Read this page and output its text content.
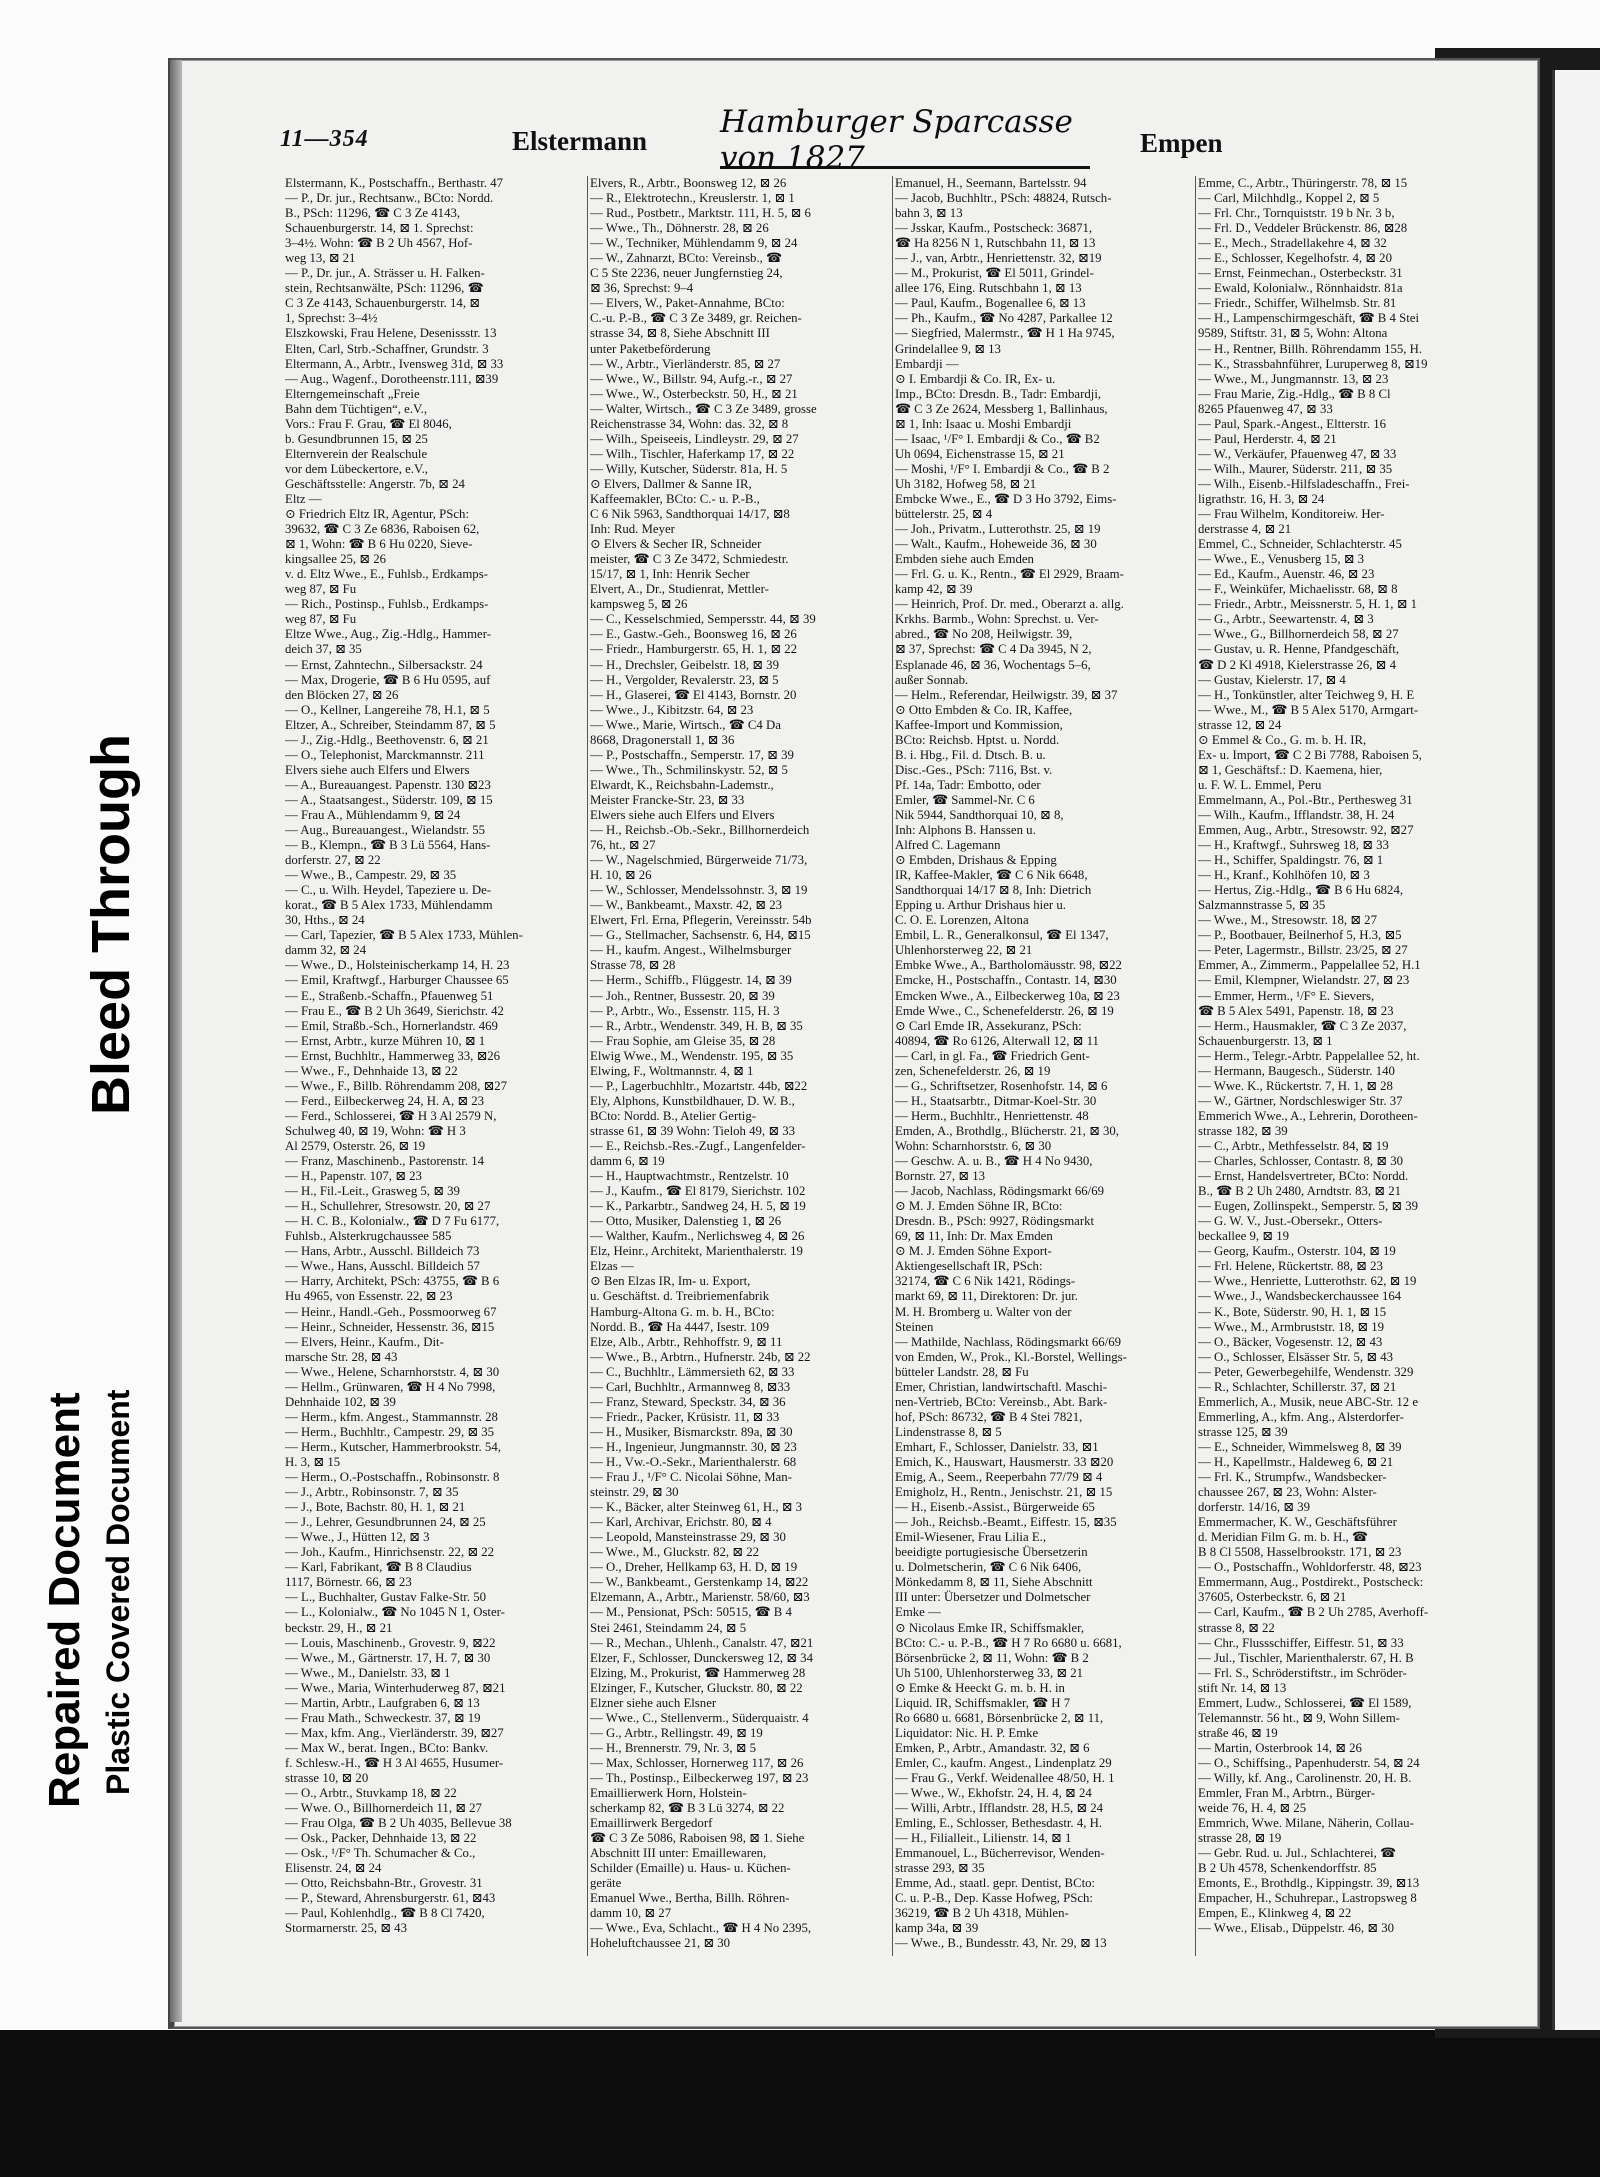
Repaired Document Plastic Covered Document
Bleed Through
11—354	Elstermann
Hamburger Sparcasse von 1827	Empen
Elstermann, K., Postschaffn., Berthastr. 47
— P., Dr. jur., Rechtsanw., BCto: Nordd.
B., PSch: 11296, ☎ C 3 Ze 4143,
Schauenburgerstr. 14, ⊠ 1. Sprechst:
3–4½. Wohn: ☎ B 2 Uh 4567, Hof-
weg 13, ⊠ 21
— P., Dr. jur., A. Strässer u. H. Falken-
stein, Rechtsanwälte, PSch: 11296, ☎
C 3 Ze 4143, Schauenburgerstr. 14, ⊠
1, Sprechst: 3–4½
Elszkowski, Frau Helene, Desenissstr. 13
Elten, Carl, Strb.-Schaffner, Grundstr. 3
Eltermann, A., Arbtr., Ivensweg 31d, ⊠ 33
— Aug., Wagenf., Dorotheenstr.111, ⊠39
Elterngemeinschaft „Freie
Bahn dem Tüchtigen“, e.V.,
Vors.: Frau F. Grau, ☎ El 8046,
b. Gesundbrunnen 15, ⊠ 25
Elternverein der Realschule
vor dem Lübeckertore, e.V.,
Geschäftsstelle: Angerstr. 7b, ⊠ 24
Eltz —
⊙ Friedrich Eltz IR, Agentur, PSch:
39632, ☎ C 3 Ze 6836, Raboisen 62,
⊠ 1, Wohn: ☎ B 6 Hu 0220, Sieve-
kingsallee 25, ⊠ 26
v. d. Eltz Wwe., E., Fuhlsb., Erdkamps-
weg 87, ⊠ Fu
— Rich., Postinsp., Fuhlsb., Erdkamps-
weg 87, ⊠ Fu
Eltze Wwe., Aug., Zig.-Hdlg., Hammer-
deich 37, ⊠ 35
— Ernst, Zahntechn., Silbersackstr. 24
— Max, Drogerie, ☎ B 6 Hu 0595, auf
den Blöcken 27, ⊠ 26
— O., Kellner, Langereihe 78, H.1, ⊠ 5
Eltzer, A., Schreiber, Steindamm 87, ⊠ 5
— J., Zig.-Hdlg., Beethovenstr. 6, ⊠ 21
— O., Telephonist, Marckmannstr. 211
Elvers siehe auch Elfers und Elwers
— A., Bureauangest. Papenstr. 130 ⊠23
— A., Staatsangest., Süderstr. 109, ⊠ 15
— Frau A., Mühlendamm 9, ⊠ 24
— Aug., Bureauangest., Wielandstr. 55
— B., Klempn., ☎ B 3 Lü 5564, Hans-
dorferstr. 27, ⊠ 22
— Wwe., B., Campestr. 29, ⊠ 35
— C., u. Wilh. Heydel, Tapeziere u. De-
korat., ☎ B 5 Alex 1733, Mühlendamm
30, Hths., ⊠ 24
— Carl, Tapezier, ☎ B 5 Alex 1733, Mühlen-
damm 32, ⊠ 24
— Wwe., D., Holsteinischerkamp 14, H. 23
— Emil, Kraftwgf., Harburger Chaussee 65
— E., Straßenb.-Schaffn., Pfauenweg 51
— Frau E., ☎ B 2 Uh 3649, Sierichstr. 42
— Emil, Straßb.-Sch., Hornerlandstr. 469
— Ernst, Arbtr., kurze Mühren 10, ⊠ 1
— Ernst, Buchhltr., Hammerweg 33, ⊠26
— Wwe., F., Dehnhaide 13, ⊠ 22
— Wwe., F., Billb. Röhrendamm 208, ⊠27
— Ferd., Eilbeckerweg 24, H. A, ⊠ 23
— Ferd., Schlosserei, ☎ H 3 Al 2579 N,
Schulweg 40, ⊠ 19, Wohn: ☎ H 3
Al 2579, Osterstr. 26, ⊠ 19
— Franz, Maschinenb., Pastorenstr. 14
— H., Papenstr. 107, ⊠ 23
— H., Fil.-Leit., Grasweg 5, ⊠ 39
— H., Schullehrer, Stresowstr. 20, ⊠ 27
— H. C. B., Kolonialw., ☎ D 7 Fu 6177,
Fuhlsb., Alsterkrugchaussee 585
— Hans, Arbtr., Ausschl. Billdeich 73
— Wwe., Hans, Ausschl. Billdeich 57
— Harry, Architekt, PSch: 43755, ☎ B 6
Hu 4965, von Essenstr. 22, ⊠ 23
— Heinr., Handl.-Geh., Possmoorweg 67
— Heinr., Schneider, Hessenstr. 36, ⊠15
— Elvers, Heinr., Kaufm., Dit-
marsche Str. 28, ⊠ 43
— Wwe., Helene, Scharnhorststr. 4, ⊠ 30
— Hellm., Grünwaren, ☎ H 4 No 7998,
Dehnhaide 102, ⊠ 39
— Herm., kfm. Angest., Stammannstr. 28
— Herm., Buchhltr., Campestr. 29, ⊠ 35
— Herm., Kutscher, Hammerbrookstr. 54,
H. 3, ⊠ 15
— Herm., O.-Postschaffn., Robinsonstr. 8
— J., Arbtr., Robinsonstr. 7, ⊠ 35
— J., Bote, Bachstr. 80, H. 1, ⊠ 21
— J., Lehrer, Gesundbrunnen 24, ⊠ 25
— Wwe., J., Hütten 12, ⊠ 3
— Joh., Kaufm., Hinrichsenstr. 22, ⊠ 22
— Karl, Fabrikant, ☎ B 8 Claudius
1117, Börnestr. 66, ⊠ 23
— L., Buchhalter, Gustav Falke-Str. 50
— L., Kolonialw., ☎ No 1045 N 1, Oster-
beckstr. 29, H., ⊠ 21
— Louis, Maschinenb., Grovestr. 9, ⊠22
— Wwe., M., Gärtnerstr. 17, H. 7, ⊠ 30
— Wwe., M., Danielstr. 33, ⊠ 1
— Wwe., Maria, Winterhuderweg 87, ⊠21
— Martin, Arbtr., Laufgraben 6, ⊠ 13
— Frau Math., Schweckestr. 37, ⊠ 19
— Max, kfm. Ang., Vierländerstr. 39, ⊠27
— Max W., berat. Ingen., BCto: Bankv.
f. Schlesw.-H., ☎ H 3 Al 4655, Husumer-
strasse 10, ⊠ 20
— O., Arbtr., Stuvkamp 18, ⊠ 22
— Wwe. O., Billhornerdeich 11, ⊠ 27
— Frau Olga, ☎ B 2 Uh 4035, Bellevue 38
— Osk., Packer, Dehnhaide 13, ⊠ 22
— Osk., ¹/F° Th. Schumacher & Co.,
Elisenstr. 24, ⊠ 24
— Otto, Reichsbahn-Btr., Grovestr. 31
— P., Steward, Ahrensburgerstr. 61, ⊠43
— Paul, Kohlenhdlg., ☎ B 8 Cl 7420,
Stormarnerstr. 25, ⊠ 43
Elvers, R., Arbtr., Boonsweg 12, ⊠ 26
— R., Elektrotechn., Kreuslerstr. 1, ⊠ 1
— Rud., Postbetr., Marktstr. 111, H. 5, ⊠ 6
— Wwe., Th., Döhnerstr. 28, ⊠ 26
— W., Techniker, Mühlendamm 9, ⊠ 24
— W., Zahnarzt, BCto: Vereinsb., ☎
C 5 Ste 2236, neuer Jungfernstieg 24,
⊠ 36, Sprechst: 9–4
— Elvers, W., Paket-Annahme, BCto:
C.-u. P.-B., ☎ C 3 Ze 3489, gr. Reichen-
strasse 34, ⊠ 8, Siehe Abschnitt III
unter Paketbeförderung
— W., Arbtr., Vierländerstr. 85, ⊠ 27
— Wwe., W., Billstr. 94, Aufg.-r., ⊠ 27
— Wwe., W., Osterbeckstr. 50, H., ⊠ 21
— Walter, Wirtsch., ☎ C 3 Ze 3489, grosse
Reichenstrasse 34, Wohn: das. 32, ⊠ 8
— Wilh., Speiseeis, Lindleystr. 29, ⊠ 27
— Wilh., Tischler, Haferkamp 17, ⊠ 22
— Willy, Kutscher, Süderstr. 81a, H. 5
⊙ Elvers, Dallmer & Sanne IR,
Kaffeemakler, BCto: C.- u. P.-B.,
C 6 Nik 5963, Sandthorquai 14/17, ⊠8
Inh: Rud. Meyer
⊙ Elvers & Secher IR, Schneider
meister, ☎ C 3 Ze 3472, Schmiedestr.
15/17, ⊠ 1, Inh: Henrik Secher
Elvert, A., Dr., Studienrat, Mettler-
kampsweg 5, ⊠ 26
— C., Kesselschmied, Sempersstr. 44, ⊠ 39
— E., Gastw.-Geh., Boonsweg 16, ⊠ 26
— Friedr., Hamburgerstr. 65, H. 1, ⊠ 22
— H., Drechsler, Geibelstr. 18, ⊠ 39
— H., Vergolder, Revalerstr. 23, ⊠ 5
— H., Glaserei, ☎ El 4143, Bornstr. 20
— Wwe., J., Kibitzstr. 64, ⊠ 23
— Wwe., Marie, Wirtsch., ☎ C4 Da
8668, Dragonerstall 1, ⊠ 36
— P., Postschaffn., Semperstr. 17, ⊠ 39
— Wwe., Th., Schmilinskystr. 52, ⊠ 5
Elwardt, K., Reichsbahn-Lademstr.,
Meister Francke-Str. 23, ⊠ 33
Elwers siehe auch Elfers und Elvers
— H., Reichsb.-Ob.-Sekr., Billhornerdeich
76, ht., ⊠ 27
— W., Nagelschmied, Bürgerweide 71/73,
H. 10, ⊠ 26
— W., Schlosser, Mendelssohnstr. 3, ⊠ 19
— W., Bankbeamt., Maxstr. 42, ⊠ 23
Elwert, Frl. Erna, Pflegerin, Vereinsstr. 54b
— G., Stellmacher, Sachsenstr. 6, H4, ⊠15
— H., kaufm. Angest., Wilhelmsburger
Strasse 78, ⊠ 28
— Herm., Schiffb., Flüggestr. 14, ⊠ 39
— Joh., Rentner, Bussestr. 20, ⊠ 39
— P., Arbtr., Wo., Essenstr. 115, H. 3
— R., Arbtr., Wendenstr. 349, H. B, ⊠ 35
— Frau Sophie, am Gleise 35, ⊠ 28
Elwig Wwe., M., Wendenstr. 195, ⊠ 35
Elwing, F., Woltmannstr. 4, ⊠ 1
— P., Lagerbuchhltr., Mozartstr. 44b, ⊠22
Ely, Alphons, Kunstbildhauer, D. W. B.,
BCto: Nordd. B., Atelier Gertig-
strasse 61, ⊠ 39 Wohn: Tieloh 49, ⊠ 33
— E., Reichsb.-Res.-Zugf., Langenfelder-
damm 6, ⊠ 19
— H., Hauptwachtmstr., Rentzelstr. 10
— J., Kaufm., ☎ El 8179, Sierichstr. 102
— K., Parkarbtr., Sandweg 24, H. 5, ⊠ 19
— Otto, Musiker, Dalenstieg 1, ⊠ 26
— Walther, Kaufm., Nerlichsweg 4, ⊠ 26
Elz, Heinr., Architekt, Marienthalerstr. 19
Elzas —
⊙ Ben Elzas IR, Im- u. Export,
u. Geschäftst. d. Treibriemenfabrik
Hamburg-Altona G. m. b. H., BCto:
Nordd. B., ☎ Ha 4447, Isestr. 109
Elze, Alb., Arbtr., Rehhoffstr. 9, ⊠ 11
— Wwe., B., Arbtrn., Hufnerstr. 24b, ⊠ 22
— C., Buchhltr., Lämmersieth 62, ⊠ 33
— Carl, Buchhltr., Armannweg 8, ⊠33
— Franz, Steward, Speckstr. 34, ⊠ 36
— Friedr., Packer, Krüsistr. 11, ⊠ 33
— H., Musiker, Bismarckstr. 89a, ⊠ 30
— H., Ingenieur, Jungmannstr. 30, ⊠ 23
— H., Vw.-O.-Sekr., Marienthalerstr. 68
— Frau J., ¹/F° C. Nicolai Söhne, Man-
steinstr. 29, ⊠ 30
— K., Bäcker, alter Steinweg 61, H., ⊠ 3
— Karl, Archivar, Erichstr. 80, ⊠ 4
— Leopold, Mansteinstrasse 29, ⊠ 30
— Wwe., M., Gluckstr. 82, ⊠ 22
— O., Dreher, Hellkamp 63, H. D, ⊠ 19
— W., Bankbeamt., Gerstenkamp 14, ⊠22
Elzemann, A., Arbtr., Marienstr. 58/60, ⊠3
— M., Pensionat, PSch: 50515, ☎ B 4
Stei 2461, Steindamm 24, ⊠ 5
— R., Mechan., Uhlenh., Canalstr. 47, ⊠21
Elzer, F., Schlosser, Dunckersweg 12, ⊠ 34
Elzing, M., Prokurist, ☎ Hammerweg 28
Elzinger, F., Kutscher, Gluckstr. 80, ⊠ 22
Elzner siehe auch Elsner
— Wwe., C., Stellenverm., Süderquaistr. 4
— G., Arbtr., Rellingstr. 49, ⊠ 19
— H., Brennerstr. 79, Nr. 3, ⊠ 5
— Max, Schlosser, Hornerweg 117, ⊠ 26
— Th., Postinsp., Eilbeckerweg 197, ⊠ 23
Emaillierwerk Horn, Holstein-
scherkamp 82, ☎ B 3 Lü 3274, ⊠ 22
Emaillirwerk Bergedorf
☎ C 3 Ze 5086, Raboisen 98, ⊠ 1. Siehe
Abschnitt III unter: Emaillewaren,
Schilder (Emaille) u. Haus- u. Küchen-
geräte
Emanuel Wwe., Bertha, Billh. Röhren-
damm 10, ⊠ 27
— Wwe., Eva, Schlacht., ☎ H 4 No 2395,
Hoheluftchaussee 21, ⊠ 30
Emanuel, H., Seemann, Bartelsstr. 94
— Jacob, Buchhltr., PSch: 48824, Rutsch-
bahn 3, ⊠ 13
— Jsskar, Kaufm., Postscheck: 36871,
☎ Ha 8256 N 1, Rutschbahn 11, ⊠ 13
— J., van, Arbtr., Henriettenstr. 32, ⊠19
— M., Prokurist, ☎ El 5011, Grindel-
allee 176, Eing. Rutschbahn 1, ⊠ 13
— Paul, Kaufm., Bogenallee 6, ⊠ 13
— Ph., Kaufm., ☎ No 4287, Parkallee 12
— Siegfried, Malermstr., ☎ H 1 Ha 9745,
Grindelallee 9, ⊠ 13
Embardji —
⊙ I. Embardji & Co. IR, Ex- u.
Imp., BCto: Dresdn. B., Tadr: Embardji,
☎ C 3 Ze 2624, Messberg 1, Ballinhaus,
⊠ 1, Inh: Isaac u. Moshi Embardji
— Isaac, ¹/F° I. Embardji & Co., ☎ B2
Uh 0694, Eichenstrasse 15, ⊠ 21
— Moshi, ¹/F° I. Embardji & Co., ☎ B 2
Uh 3182, Hofweg 58, ⊠ 21
Embcke Wwe., E., ☎ D 3 Ho 3792, Eims-
büttelerstr. 25, ⊠ 4
— Joh., Privatm., Lutterothstr. 25, ⊠ 19
— Walt., Kaufm., Hoheweide 36, ⊠ 30
Embden siehe auch Emden
— Frl. G. u. K., Rentn., ☎ El 2929, Braam-
kamp 42, ⊠ 39
— Heinrich, Prof. Dr. med., Oberarzt a. allg.
Krkhs. Barmb., Wohn: Sprechst. u. Ver-
abred., ☎ No 208, Heilwigstr. 39,
⊠ 37, Sprechst: ☎ C 4 Da 3945, N 2,
Esplanade 46, ⊠ 36, Wochentags 5–6,
außer Sonnab.
— Helm., Referendar, Heilwigstr. 39, ⊠ 37
⊙ Otto Embden & Co. IR, Kaffee,
Kaffee-Import und Kommission,
BCto: Reichsb. Hptst. u. Nordd.
B. i. Hbg., Fil. d. Dtsch. B. u.
Disc.-Ges., PSch: 7116, Bst. v.
Pf. 14a, Tadr: Embotto, oder
Emler, ☎ Sammel-Nr. C 6
Nik 5944, Sandthorquai 10, ⊠ 8,
Inh: Alphons B. Hanssen u.
Alfred C. Lagemann
⊙ Embden, Drishaus & Epping
IR, Kaffee-Makler, ☎ C 6 Nik 6648,
Sandthorquai 14/17 ⊠ 8, Inh: Dietrich
Epping u. Arthur Drishaus hier u.
C. O. E. Lorenzen, Altona
Embil, L. R., Generalkonsul, ☎ El 1347,
Uhlenhorsterweg 22, ⊠ 21
Embke Wwe., A., Bartholomäusstr. 98, ⊠22
Emcke, H., Postschaffn., Contastr. 14, ⊠30
Emcken Wwe., A., Eilbeckerweg 10a, ⊠ 23
Emde Wwe., C., Schenefelderstr. 26, ⊠ 19
⊙ Carl Emde IR, Assekuranz, PSch:
40894, ☎ Ro 6126, Alterwall 12, ⊠ 11
— Carl, in gl. Fa., ☎ Friedrich Gent-
zen, Schenefelderstr. 26, ⊠ 19
— G., Schriftsetzer, Rosenhofstr. 14, ⊠ 6
— H., Staatsarbtr., Ditmar-Koel-Str. 30
— Herm., Buchhltr., Henriettenstr. 48
Emden, A., Brothdlg., Blücherstr. 21, ⊠ 30,
Wohn: Scharnhorststr. 6, ⊠ 30
— Geschw. A. u. B., ☎ H 4 No 9430,
Bornstr. 27, ⊠ 13
— Jacob, Nachlass, Rödingsmarkt 66/69
⊙ M. J. Emden Söhne IR, BCto:
Dresdn. B., PSch: 9927, Rödingsmarkt
69, ⊠ 11, Inh: Dr. Max Emden
⊙ M. J. Emden Söhne Export-
Aktiengesellschaft IR, PSch:
32174, ☎ C 6 Nik 1421, Rödings-
markt 69, ⊠ 11, Direktoren: Dr. jur.
M. H. Bromberg u. Walter von der
Steinen
— Mathilde, Nachlass, Rödingsmarkt 66/69
von Emden, W., Prok., Kl.-Borstel, Wellings-
bütteler Landstr. 28, ⊠ Fu
Emer, Christian, landwirtschaftl. Maschi-
nen-Vertrieb, BCto: Vereinsb., Abt. Bark-
hof, PSch: 86732, ☎ B 4 Stei 7821,
Lindenstrasse 8, ⊠ 5
Emhart, F., Schlosser, Danielstr. 33, ⊠1
Emich, K., Hauswart, Hausmerstr. 33 ⊠20
Emig, A., Seem., Reeperbahn 77/79 ⊠ 4
Emigholz, H., Rentn., Jenischstr. 21, ⊠ 15
— H., Eisenb.-Assist., Bürgerweide 65
— Joh., Reichsb.-Beamt., Eiffestr. 15, ⊠35
Emil-Wiesener, Frau Lilia E.,
beeidigte portugiesische Übersetzerin
u. Dolmetscherin, ☎ C 6 Nik 6406,
Mönkedamm 8, ⊠ 11, Siehe Abschnitt
III unter: Übersetzer und Dolmetscher
Emke —
⊙ Nicolaus Emke IR, Schiffsmakler,
BCto: C.- u. P.-B., ☎ H 7 Ro 6680 u. 6681,
Börsenbrücke 2, ⊠ 11, Wohn: ☎ B 2
Uh 5100, Uhlenhorsterweg 33, ⊠ 21
⊙ Emke & Heeckt G. m. b. H. in
Liquid. IR, Schiffsmakler, ☎ H 7
Ro 6680 u. 6681, Börsenbrücke 2, ⊠ 11,
Liquidator: Nic. H. P. Emke
Emken, P., Arbtr., Amandastr. 32, ⊠ 6
Emler, C., kaufm. Angest., Lindenplatz 29
— Frau G., Verkf. Weidenallee 48/50, H. 1
— Wwe., W., Ekhofstr. 24, H. 4, ⊠ 24
— Willi, Arbtr., Ifflandstr. 28, H.5, ⊠ 24
Emling, E., Schlosser, Bethesdastr. 4, H.
— H., Filialleit., Lilienstr. 14, ⊠ 1
Emmanouel, L., Bücherrevisor, Wenden-
strasse 293, ⊠ 35
Emme, Ad., staatl. gepr. Dentist, BCto:
C. u. P.-B., Dep. Kasse Hofweg, PSch:
36219, ☎ B 2 Uh 4318, Mühlen-
kamp 34a, ⊠ 39
— Wwe., B., Bundesstr. 43, Nr. 29, ⊠ 13
Emme, C., Arbtr., Thüringerstr. 78, ⊠ 15
— Carl, Milchhdlg., Koppel 2, ⊠ 5
— Frl. Chr., Tornquiststr. 19 b Nr. 3 b,
— Frl. D., Veddeler Brückenstr. 86, ⊠28
— E., Mech., Stradellakehre 4, ⊠ 32
— E., Schlosser, Kegelhofstr. 4, ⊠ 20
— Ernst, Feinmechan., Osterbeckstr. 31
— Ewald, Kolonialw., Rönnhaidstr. 81a
— Friedr., Schiffer, Wilhelmsb. Str. 81
— H., Lampenschirmgeschäft, ☎ B 4 Stei
9589, Stiftstr. 31, ⊠ 5, Wohn: Altona
— H., Rentner, Billh. Röhrendamm 155, H.
— K., Strassbahnführer, Luruperweg 8, ⊠19
— Wwe., M., Jungmannstr. 13, ⊠ 23
— Frau Marie, Zig.-Hdlg., ☎ B 8 Cl
8265 Pfauenweg 47, ⊠ 33
— Paul, Spark.-Angest., Eltterstr. 16
— Paul, Herderstr. 4, ⊠ 21
— W., Verkäufer, Pfauenweg 47, ⊠ 33
— Wilh., Maurer, Süderstr. 211, ⊠ 35
— Wilh., Eisenb.-Hilfsladeschaffn., Frei-
ligrathstr. 16, H. 3, ⊠ 24
— Frau Wilhelm, Konditoreiw. Her-
derstrasse 4, ⊠ 21
Emmel, C., Schneider, Schlachterstr. 45
— Wwe., E., Venusberg 15, ⊠ 3
— Ed., Kaufm., Auenstr. 46, ⊠ 23
— F., Weinküfer, Michaelisstr. 68, ⊠ 8
— Friedr., Arbtr., Meissnerstr. 5, H. 1, ⊠ 1
— G., Arbtr., Seewartenstr. 4, ⊠ 3
— Wwe., G., Billhornerdeich 58, ⊠ 27
— Gustav, u. R. Henne, Pfandgeschäft,
☎ D 2 Kl 4918, Kielerstrasse 26, ⊠ 4
— Gustav, Kielerstr. 17, ⊠ 4
— H., Tonkünstler, alter Teichweg 9, H. E
— Wwe., M., ☎ B 5 Alex 5170, Armgart-
strasse 12, ⊠ 24
⊙ Emmel & Co., G. m. b. H. IR,
Ex- u. Import, ☎ C 2 Bi 7788, Raboisen 5,
⊠ 1, Geschäftsf.: D. Kaemena, hier,
u. F. W. L. Emmel, Peru
Emmelmann, A., Pol.-Btr., Perthesweg 31
— Wilh., Kaufm., Ifflandstr. 38, H. 24
Emmen, Aug., Arbtr., Stresowstr. 92, ⊠27
— H., Kraftwgf., Suhrsweg 18, ⊠ 33
— H., Schiffer, Spaldingstr. 76, ⊠ 1
— H., Kranf., Kohlhöfen 10, ⊠ 3
— Hertus, Zig.-Hdlg., ☎ B 6 Hu 6824,
Salzmannstrasse 5, ⊠ 35
— Wwe., M., Stresowstr. 18, ⊠ 27
— P., Bootbauer, Beilnerhof 5, H.3, ⊠5
— Peter, Lagermstr., Billstr. 23/25, ⊠ 27
Emmer, A., Zimmerm., Pappelallee 52, H.1
— Emil, Klempner, Wielandstr. 27, ⊠ 23
— Emmer, Herm., ¹/F° E. Sievers,
☎ B 5 Alex 5491, Papenstr. 18, ⊠ 23
— Herm., Hausmakler, ☎ C 3 Ze 2037,
Schauenburgerstr. 13, ⊠ 1
— Herm., Telegr.-Arbtr. Pappelallee 52, ht.
— Hermann, Baugesch., Süderstr. 140
— Wwe. K., Rückertstr. 7, H. 1, ⊠ 28
— W., Gärtner, Nordschleswiger Str. 37
Emmerich Wwe., A., Lehrerin, Dorotheen-
strasse 182, ⊠ 39
— C., Arbtr., Methfesselstr. 84, ⊠ 19
— Charles, Schlosser, Contastr. 8, ⊠ 30
— Ernst, Handelsvertreter, BCto: Nordd.
B., ☎ B 2 Uh 2480, Arndtstr. 83, ⊠ 21
— Eugen, Zollinspekt., Semperstr. 5, ⊠ 39
— G. W. V., Just.-Obersekr., Otters-
beckallee 9, ⊠ 19
— Georg, Kaufm., Osterstr. 104, ⊠ 19
— Frl. Helene, Rückertstr. 88, ⊠ 23
— Wwe., Henriette, Lutterothstr. 62, ⊠ 19
— Wwe., J., Wandsbeckerchaussee 164
— K., Bote, Süderstr. 90, H. 1, ⊠ 15
— Wwe., M., Armbruststr. 18, ⊠ 19
— O., Bäcker, Vogesenstr. 12, ⊠ 43
— O., Schlosser, Elsässer Str. 5, ⊠ 43
— Peter, Gewerbegehilfe, Wendenstr. 329
— R., Schlachter, Schillerstr. 37, ⊠ 21
Emmerlich, A., Musik, neue ABC-Str. 12 e
Emmerling, A., kfm. Ang., Alsterdorfer-
strasse 125, ⊠ 39
— E., Schneider, Wimmelsweg 8, ⊠ 39
— H., Kapellmstr., Haldeweg 6, ⊠ 21
— Frl. K., Strumpfw., Wandsbecker-
chaussee 267, ⊠ 23, Wohn: Alster-
dorferstr. 14/16, ⊠ 39
Emmermacher, K. W., Geschäftsführer
d. Meridian Film G. m. b. H., ☎
B 8 Cl 5508, Hasselbrookstr. 171, ⊠ 23
— O., Postschaffn., Wohldorferstr. 48, ⊠23
Emmermann, Aug., Postdirekt., Postscheck:
37605, Osterbeckstr. 6, ⊠ 21
— Carl, Kaufm., ☎ B 2 Uh 2785, Averhoff-
strasse 8, ⊠ 22
— Chr., Flussschiffer, Eiffestr. 51, ⊠ 33
— Jul., Tischler, Marienthalerstr. 67, H. B
— Frl. S., Schröderstiftstr., im Schröder-
stift Nr. 14, ⊠ 13
Emmert, Ludw., Schlosserei, ☎ El 1589,
Telemannstr. 56 ht., ⊠ 9, Wohn Sillem-
straße 46, ⊠ 19
— Martin, Osterbrook 14, ⊠ 26
— O., Schiffsing., Papenhuderstr. 54, ⊠ 24
— Willy, kf. Ang., Carolinenstr. 20, H. B.
Emmler, Fran M., Arbtrn., Bürger-
weide 76, H. 4, ⊠ 25
Emmrich, Wwe. Milane, Näherin, Collau-
strasse 28, ⊠ 19
— Gebr. Rud. u. Jul., Schlachterei, ☎
B 2 Uh 4578, Schenkendorffstr. 85
Emonts, E., Brothdlg., Kippingstr. 39, ⊠13
Empacher, H., Schuhrepar., Lastropsweg 8
Empen, E., Klinkweg 4, ⊠ 22
— Wwe., Elisab., Düppelstr. 46, ⊠ 30
